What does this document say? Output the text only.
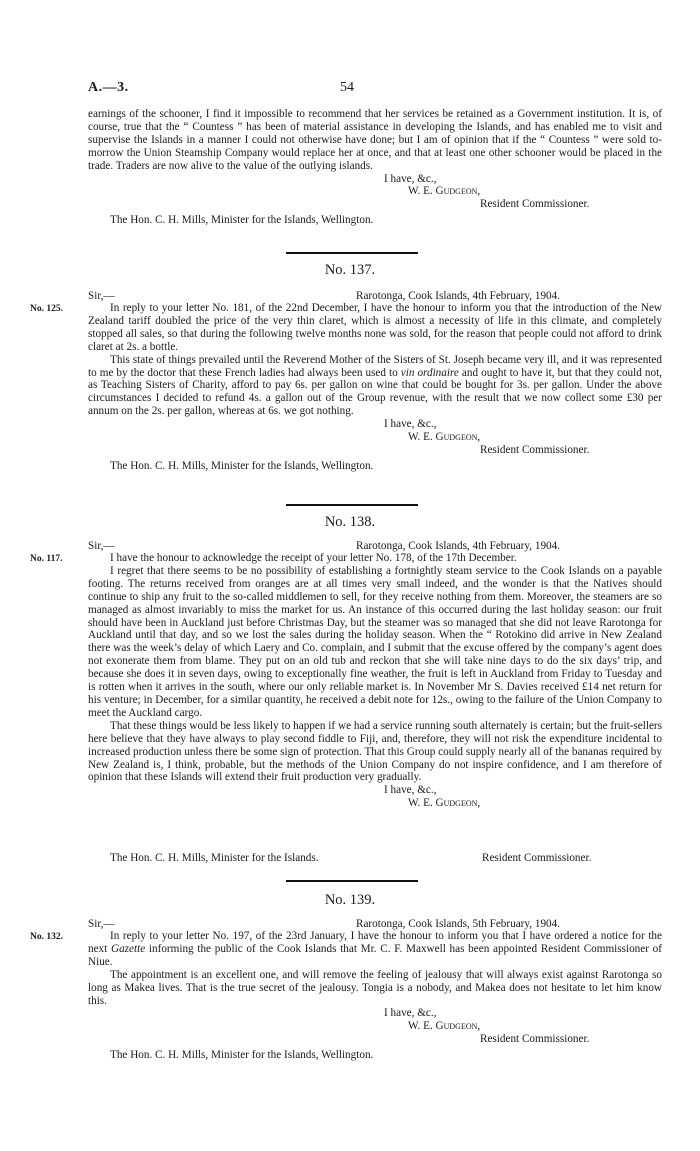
A.—3.	54

earnings of the schooner, I find it impossible to recommend that her services be retained as a Government institution. It is, of course, true that the “ Countess ” has been of material assistance in developing the Islands, and has enabled me to visit and supervise the Islands in a manner I could not otherwise have done; but I am of opinion that if the “ Countess ” were sold to-morrow the Union Steamship Company would replace her at once, and that at least one other schooner would be placed in the trade. Traders are now alive to the value of the outlying islands.

I have, &c.,
W. E. Gudgeon,
Resident Commissioner.
The Hon. C. H. Mills, Minister for the Islands, Wellington.
No. 137.
Sir,—	Rarotonga, Cook Islands, 4th February, 1904.
No. 125.	In reply to your letter No. 181, of the 22nd December, I have the honour to inform you that the introduction of the New Zealand tariff doubled the price of the very thin claret, which is almost a necessity of life in this climate, and completely stopped all sales, so that during the following twelve months none was sold, for the reason that people could not afford to drink claret at 2s. a bottle.

This state of things prevailed until the Reverend Mother of the Sisters of St. Joseph became very ill, and it was represented to me by the doctor that these French ladies had always been used to vin ordinaire and ought to have it, but that they could not, as Teaching Sisters of Charity, afford to pay 6s. per gallon on wine that could be bought for 3s. per gallon. Under the above circumstances I decided to refund 4s. a gallon out of the Group revenue, with the result that we now collect some £30 per annum on the 2s. per gallon, whereas at 6s. we got nothing.

I have, &c.,
W. E. Gudgeon,
Resident Commissioner.
The Hon. C. H. Mills, Minister for the Islands, Wellington.
No. 138.
Sir,—	Rarotonga, Cook Islands, 4th February, 1904.
No. 117.	I have the honour to acknowledge the receipt of your letter No. 178, of the 17th December.

I regret that there seems to be no possibility of establishing a fortnightly steam service to the Cook Islands on a payable footing. The returns received from oranges are at all times very small indeed, and the wonder is that the Natives should continue to ship any fruit to the so-called middlemen to sell, for they receive nothing from them. Moreover, the steamers are so managed as almost invariably to miss the market for us. An instance of this occurred during the last holiday season: our fruit should have been in Auckland just before Christmas Day, but the steamer was so managed that she did not leave Rarotonga for Auckland until that day, and so we lost the sales during the holiday season. When the “ Rotokino did arrive in New Zealand there was the week’s delay of which Laery and Co. complain, and I submit that the excuse offered by the company’s agent does not exonerate them from blame. They put on an old tub and reckon that she will take nine days to do the six days’ trip, and because she does it in seven days, owing to exceptionally fine weather, the fruit is left in Auckland from Friday to Tuesday and is rotten when it arrives in the south, where our only reliable market is. In November Mr S. Davies received £14 net return for his venture; in December, for a similar quantity, he received a debit note for 12s., owing to the failure of the Union Company to meet the Auckland cargo.

That these things would be less likely to happen if we had a service running south alternately is certain; but the fruit-sellers here believe that they have always to play second fiddle to Fiji, and, therefore, they will not risk the expenditure incidental to increased production unless there be some sign of protection. That this Group could supply nearly all of the bananas required by New Zealand is, I think, probable, but the methods of the Union Company do not inspire confidence, and I am therefore of opinion that these Islands will extend their fruit production very gradually.

I have, &c.,
W. E. Gudgeon,
The Hon. C. H. Mills, Minister for the Islands.	Resident Commissioner.
No. 139.
Sir,—	Rarotonga, Cook Islands, 5th February, 1904.
No. 132.	In reply to your letter No. 197, of the 23rd January, I have the honour to inform you that I have ordered a notice for the next Gazette informing the public of the Cook Islands that Mr. C. F. Maxwell has been appointed Resident Commissioner of Niue.

The appointment is an excellent one, and will remove the feeling of jealousy that will always exist against Rarotonga so long as Makea lives. That is the true secret of the jealousy. Tongia is a nobody, and Makea does not hesitate to let him know this.

I have, &c.,
W. E. Gudgeon,
Resident Commissioner.
The Hon. C. H. Mills, Minister for the Islands, Wellington.
